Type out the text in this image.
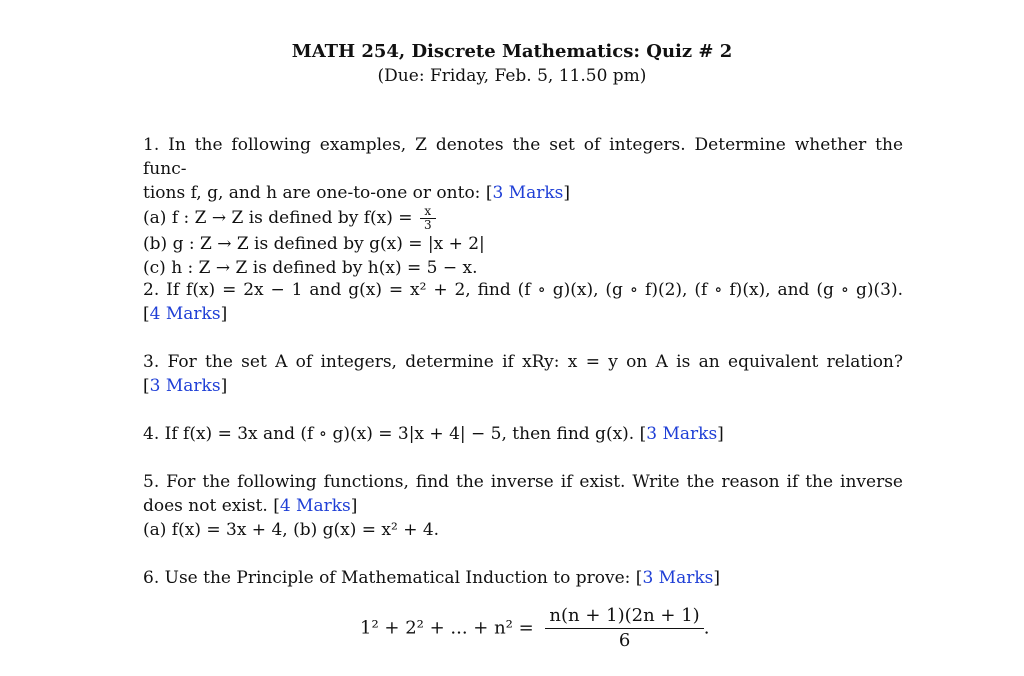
MATH 254, Discrete Mathematics: Quiz # 2
(Due: Friday, Feb. 5, 11.50 pm)
1. In the following examples, Z denotes the set of integers. Determine whether the func-
tions f, g, and h are one-to-one or onto: [3 Marks]
(a) f : Z → Z is defined by $f(x) = \frac{x}{3}$
(b) g : Z → Z is defined by g(x) = |x + 2|
(c) h : Z → Z is defined by h(x) = 5 − x.
2. If f(x) = 2x − 1 and g(x) = x² + 2, find (f ∘ g)(x), (g ∘ f)(2), (f ∘ f)(x), and (g ∘ g)(3).
[4 Marks]
3. For the set A of integers, determine if xRy: x = y on A is an equivalent relation?
[3 Marks]
4. If f(x) = 3x and (f ∘ g)(x) = 3|x + 4| − 5, then find g(x). [3 Marks]
5. For the following functions, find the inverse if exist. Write the reason if the inverse
does not exist. [4 Marks]
(a) f(x) = 3x + 4, (b) g(x) = x² + 4.
6. Use the Principle of Mathematical Induction to prove: [3 Marks]
1² + 2² + ... + $n^2 = \frac{n(n + 1)(2n + 1)}{6}$ .
